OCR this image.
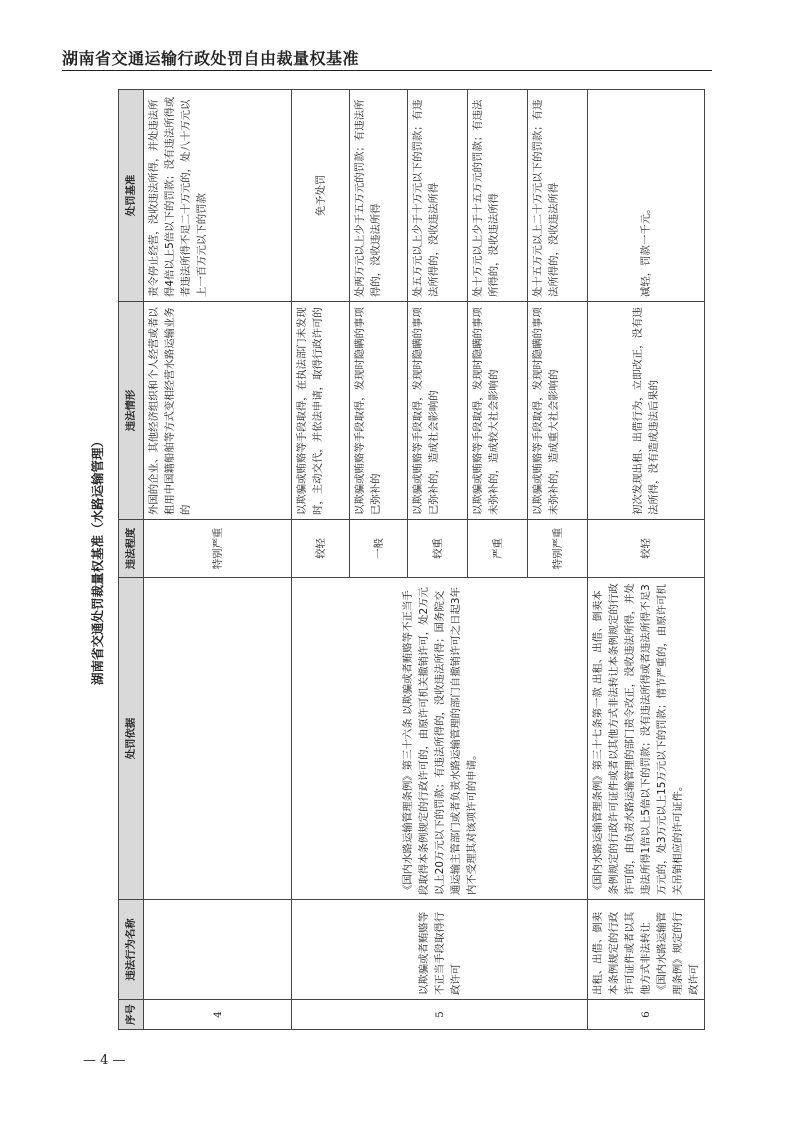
湖南省交通运输行政处罚自由裁量权基准
湖南省交通处罚裁量权基准（水路运输管理）
序号	违法行为名称	处罚依据	违法程度	违法情形	处罚基准
4			特别严重	外国的企业、其他经济组织和个人经营或者以租用中国籍船舶等方式变相经营水路运输业务的	责令停止经营，没收违法所得，并处违法所得4倍以上5倍以下的罚款；没有违法所得或者违法所得不足二十万元的，处八十万元以上一百万元以下的罚款
5	以欺骗或者贿赂等不正当手段取得行政许可	《国内水路运输管理条例》第三十六条 以欺骗或者贿赂等不正当手段取得本条例规定的行政许可的，由原许可机关撤销许可，处2万元以上20万元以下的罚款；有违法所得的，没收违法所得；国务院交通运输主管部门或者负责水路运输管理的部门自撤销许可之日起3年内不受理其对该项许可的申请。	较轻	以欺骗或贿赂等手段取得，在执法部门未发现时，主动交代，并依法申请，取得行政许可的	免予处罚
			一般	以欺骗或贿赂等手段取得，发现时隐瞒的事项已弥补的	处两万元以上少于五万元的罚款；有违法所得的，没收违法所得
			较重	以欺骗或贿赂等手段取得，发现时隐瞒的事项已弥补的，造成社会影响的	处五万元以上少于十万元以下的罚款；有违法所得的，没收违法所得
			严重	以欺骗或贿赂等手段取得，发现时隐瞒的事项未弥补的，造成较大社会影响的	处十万元以上少于十五万元的罚款；有违法所得的，没收违法所得
			特别严重	以欺骗或贿赂等手段取得，发现时隐瞒的事项未弥补的，造成重大社会影响的	处十五万元以上二十万元以下的罚款；有违法所得的，没收违法所得
6	出租、出借、倒卖本条例规定的行政许可证件或者以其他方式非法转让《国内水路运输管理条例》规定的行政许可	《国内水路运输管理条例》第三十七条第一款 出租、出借、倒卖本条例规定的行政许可证件或者以其他方式非法转让本条例规定的行政许可的，由负责水路运输管理的部门责令改正，没收违法所得，并处违法所得1倍以上5倍以下的罚款；没有违法所得或者违法所得不足3万元的，处3万元以上15万元以下的罚款；情节严重的，由原许可机关吊销相应的许可证件。	较轻	初次发现出租、出借行为，立即改正，没有违法所得，没有造成违法后果的	减轻，罚款一千元。
— 4 —
